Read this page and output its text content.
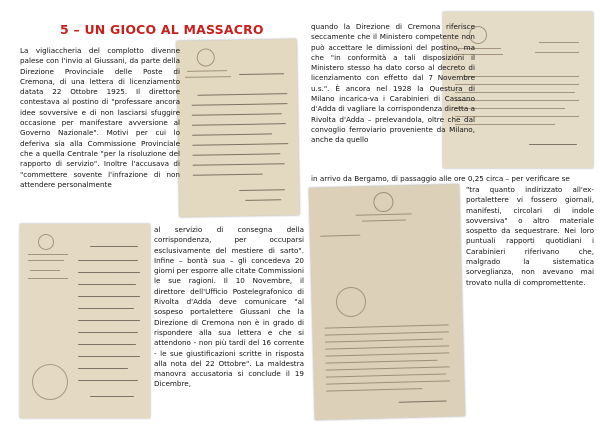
5 – UN GIOCO AL MASSACRO

La vigliaccheria del complotto divenne palese con l'invio al Giussani, da parte della Direzione Provinciale delle Poste di Cremona, di una lettera di licenziamento datata 22 Ottobre 1925. Il direttore contestava al postino di "professare ancora idee sovversive e di non lasciarsi sfuggire occasione per manifestare avversione al Governo Nazionale". Motivi per cui lo deferiva sia alla Commissione Provinciale che a quella Centrale "per la risoluzione del rapporto di servizio". Inoltre l'accusava di "commettere sovente l'infrazione di non attendere personalmente

al servizio di consegna della corrispondenza, per occuparsi esclusivamente del mestiere di sarto". Infine – bontà sua – gli concedeva 20 giorni per esporre alle citate Commissioni le sue ragioni. Il 10 Novembre, il direttore dell'Ufficio Postelegrafonico di Rivolta d'Adda deve comunicare "al sospeso portalettere Giussani che la Direzione di Cremona non è in grado di rispondere alla sua lettera e che si attendono - non più tardi del 16 corrente - le sue giustificazioni scritte in risposta alla nota del 22 Ottobre". La maldestra manovra accusatoria si conclude il 19 Dicembre,

quando la Direzione di Cremona riferisce seccamente che il Ministero competente non può accettare le dimissioni del postino, ma che "in conformità a tali disposizioni il Ministero stesso ha dato corso al decreto di licenziamento con effetto dal 7 Novembre u.s.". È ancora nel 1928 la Questura di Milano incarica-va i Carabinieri di Cassano d'Adda di vagliare la corrispondenza diretta a Rivolta d'Adda – prelevandola, oltre che dal convoglio ferroviario proveniente da Milano, anche da quello

in arrivo da Bergamo, di passaggio alle ore 0,25 circa – per verificare se

"tra quanto indirizzato all'ex-portalettere vi fossero giornali, manifesti, circolari di indole sovversiva" o altro materiale sospetto da sequestrare. Nei loro puntuali rapporti quotidiani i Carabinieri riferivano che, malgrado la sistematica sorveglianza, non avevano mai trovato nulla di compromettente.
